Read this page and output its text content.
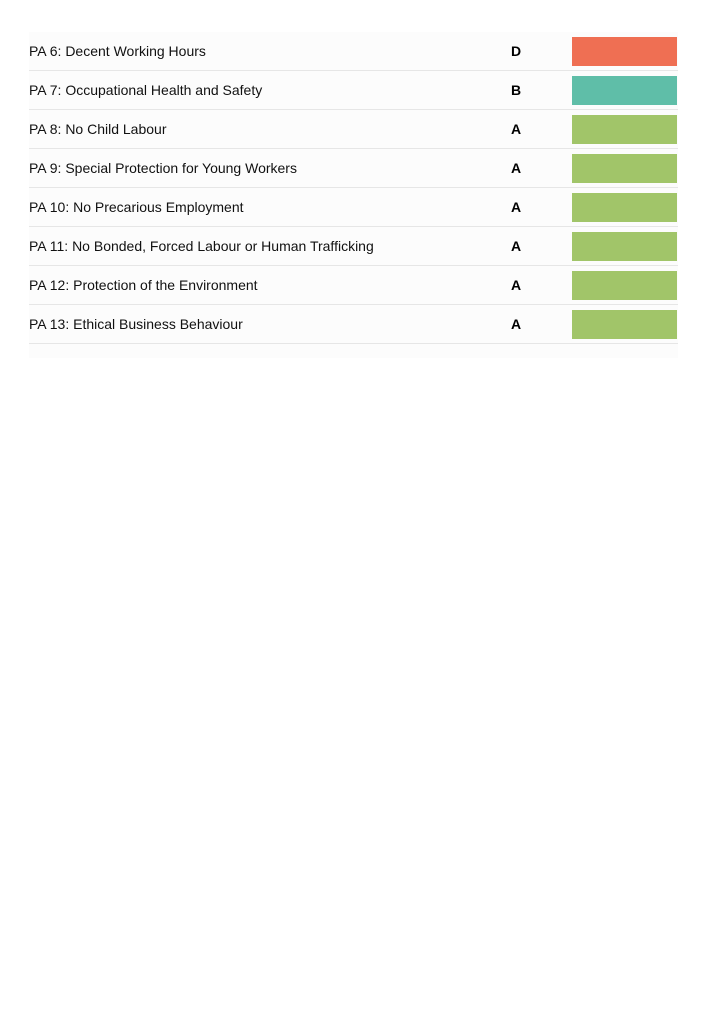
PA 6: Decent Working Hours	D
PA 7: Occupational Health and Safety	B
PA 8: No Child Labour	A
PA 9: Special Protection for Young Workers	A
PA 10: No Precarious Employment	A
PA 11: No Bonded, Forced Labour or Human Trafficking	A
PA 12: Protection of the Environment	A
PA 13: Ethical Business Behaviour	A
